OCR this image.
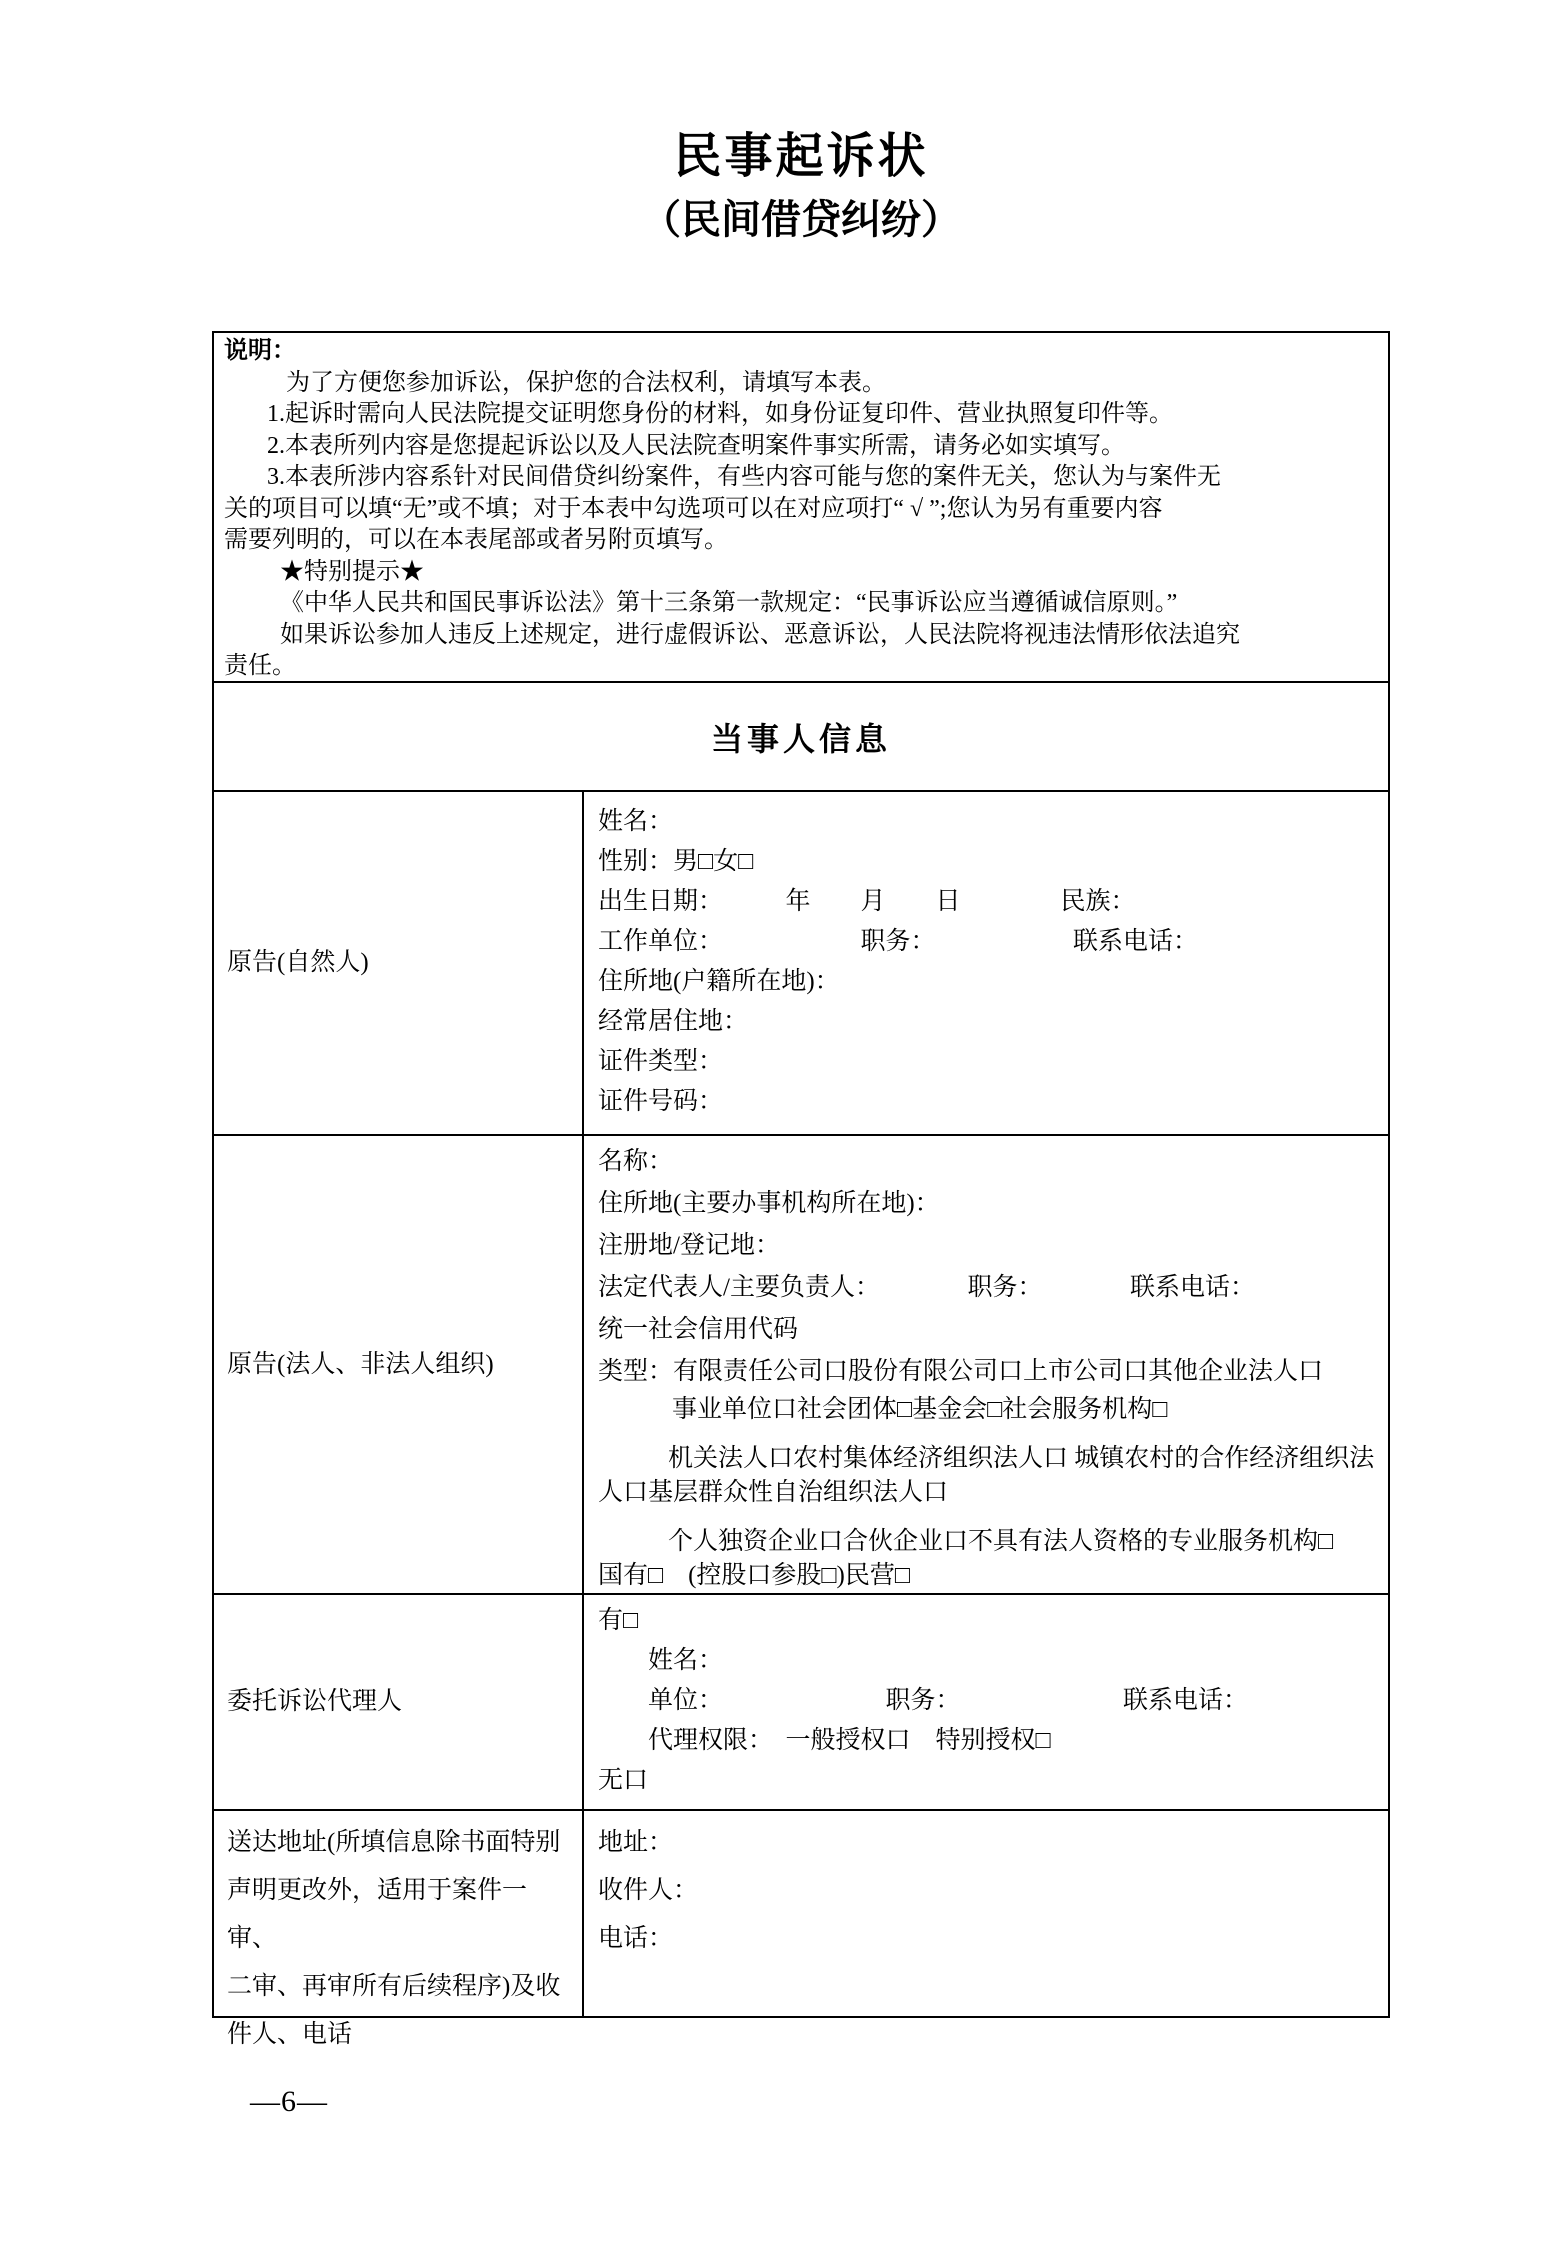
民事起诉状
（民间借贷纠纷）
说明：
为了方便您参加诉讼，保护您的合法权利，请填写本表。
1.起诉时需向人民法院提交证明您身份的材料，如身份证复印件、营业执照复印件等。
2.本表所列内容是您提起诉讼以及人民法院查明案件事实所需，请务必如实填写。
3.本表所涉内容系针对民间借贷纠纷案件，有些内容可能与您的案件无关，您认为与案件无
关的项目可以填“无”或不填；对于本表中勾选项可以在对应项打“ √ ”;您认为另有重要内容
需要列明的，可以在本表尾部或者另附页填写。
★特别提示★
《中华人民共和国民事诉讼法》第十三条第一款规定：“民事诉讼应当遵循诚信原则。”
如果诉讼参加人违反上述规定，进行虚假诉讼、恶意诉讼，人民法院将视违法情形依法追究
责任。
当事人信息
原告(自然人)
姓名：
性别：男□女□
出生日期：　　　年　　月　　日　　　　民族：
工作单位：　　　　　　职务：　　　　　　联系电话：
住所地(户籍所在地)：
经常居住地：
证件类型：
证件号码：
原告(法人、非法人组织)
名称：
住所地(主要办事机构所在地)：
注册地/登记地：
法定代表人/主要负责人：　　　　职务：　　　　联系电话：
统一社会信用代码
类型：有限责任公司口股份有限公司口上市公司口其他企业法人口
事业单位口社会团体□基金会□社会服务机构□
机关法人口农村集体经济组织法人口 城镇农村的合作经济组织法
人口基层群众性自治组织法人口
个人独资企业口合伙企业口不具有法人资格的专业服务机构□
国有□　(控股口参股□)民营□
委托诉讼代理人
有□
姓名：
单位：　　　　　　　职务：　　　　　　　联系电话：
代理权限：　一般授权口　特别授权□
无口
送达地址(所填信息除书面特别
声明更改外，适用于案件一审、
二审、再审所有后续程序)及收
件人、电话
地址：
收件人：
电话：
—6—
